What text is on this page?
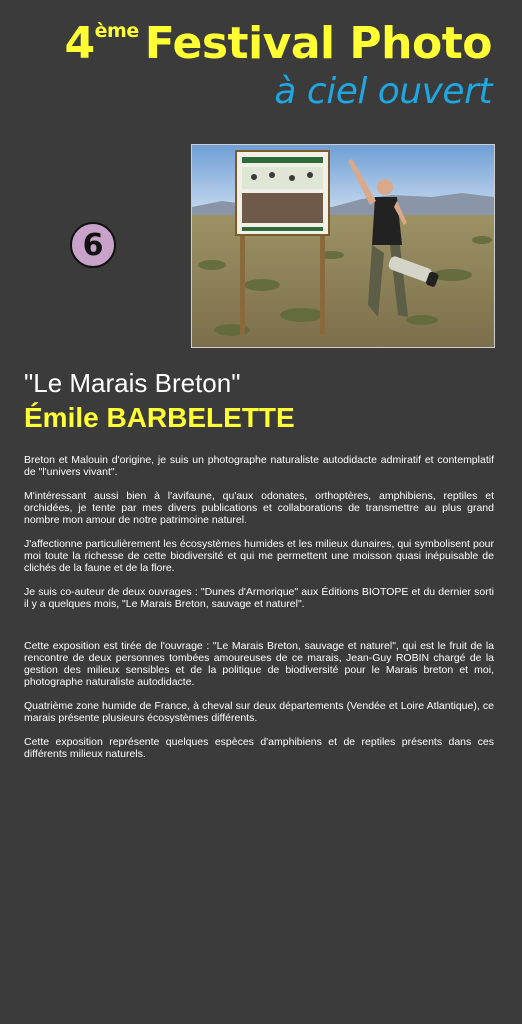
4ème Festival Photo
à ciel ouvert
6
"Le Marais Breton"
Émile BARBELETTE

Breton et Malouin d'origine, je suis un photographe naturaliste autodidacte admiratif et contemplatif de "l'univers vivant".

M'intéressant aussi bien à l'avifaune, qu'aux odonates, orthoptères, amphibiens, reptiles et orchidées, je tente par mes divers publications et collaborations de transmettre au plus grand nombre mon amour de notre patrimoine naturel.

J'affectionne particulièrement les écosystèmes humides et les milieux dunaires, qui symbolisent pour moi toute la richesse de cette biodiversité et qui me permettent une moisson quasi inépuisable de clichés de la faune et de la flore.

Je suis co-auteur de deux ouvrages : "Dunes d'Armorique" aux Éditions BIOTOPE et du dernier sorti il y a quelques mois, "Le Marais Breton, sauvage et naturel".

Cette exposition est tirée de l'ouvrage : "Le Marais Breton, sauvage et naturel", qui est le fruit de la rencontre de deux personnes tombées amoureuses de ce marais, Jean-Guy ROBIN chargé de la gestion des milieux sensibles et de la politique de biodiversité pour le Marais breton et moi, photographe naturaliste autodidacte.

Quatrième zone humide de France, à cheval sur deux départements (Vendée et Loire Atlantique), ce marais présente plusieurs écosystèmes différents.

Cette exposition représente quelques espèces d'amphibiens et de reptiles présents dans ces différents milieux naturels.
